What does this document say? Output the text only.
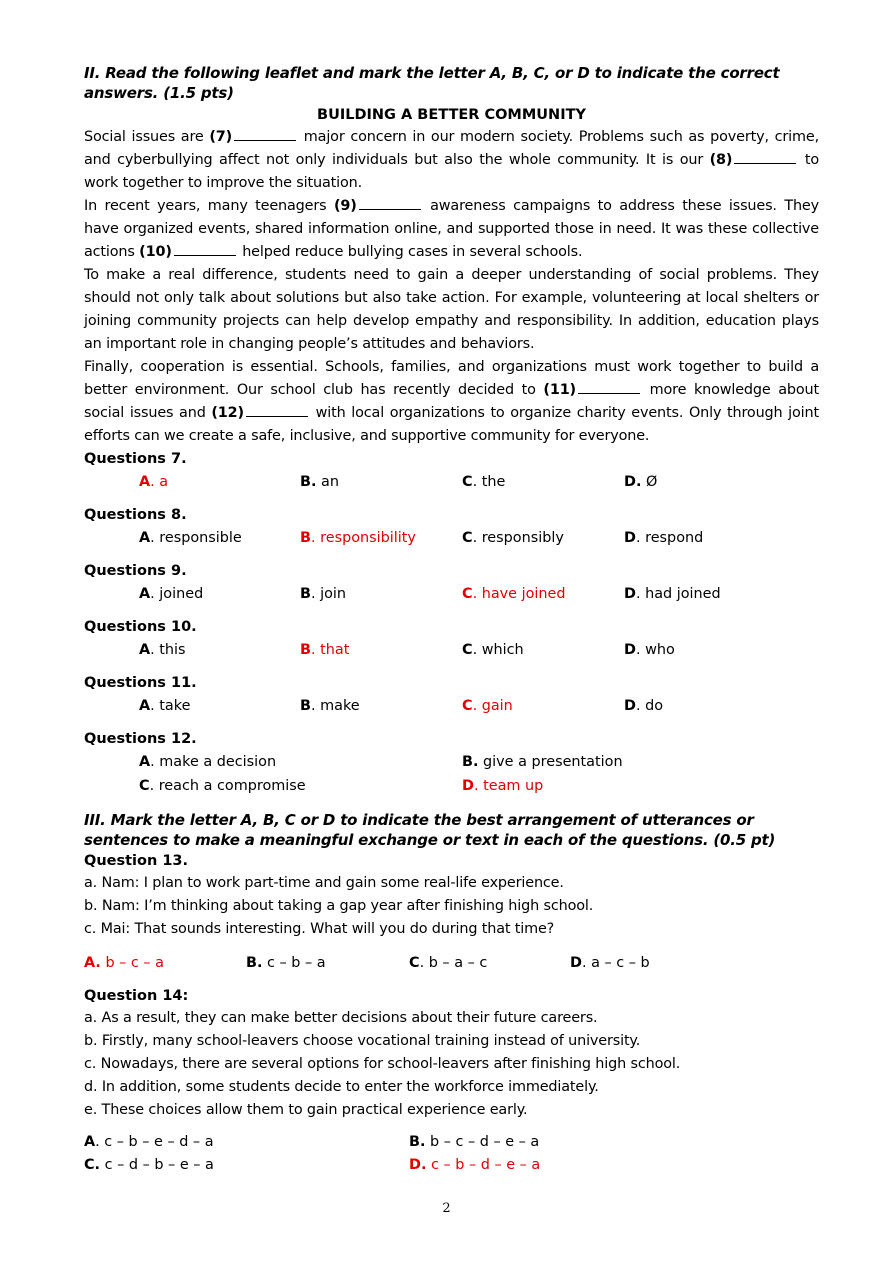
II. Read the following leaflet and mark the letter A, B, C, or D to indicate the correct answers. (1.5 pts)
BUILDING A BETTER COMMUNITY
Social issues are (7)	major concern in our modern society. Problems such as poverty, crime, and cyberbullying affect not only individuals but also the whole community. It is our (8)	to work together to improve the situation.
In recent years, many teenagers (9)	awareness campaigns to address these issues. They have organized events, shared information online, and supported those in need. It was these collective actions (10)	helped reduce bullying cases in several schools.
To make a real difference, students need to gain a deeper understanding of social problems. They should not only talk about solutions but also take action. For example, volunteering at local shelters or joining community projects can help develop empathy and responsibility. In addition, education plays an important role in changing people’s attitudes and behaviors.
Finally, cooperation is essential. Schools, families, and organizations must work together to build a better environment. Our school club has recently decided to (11)	more knowledge about social issues and (12)	with local organizations to organize charity events. Only through joint efforts can we create a safe, inclusive, and supportive community for everyone.
Questions 7.
A. a	B. an	C. the	D. Ø
Questions 8.
A. responsible	B. responsibility	C. responsibly	D. respond
Questions 9.
A. joined	B. join	C. have joined	D. had joined
Questions 10.
A. this	B. that	C. which	D. who
Questions 11.
A. take	B. make	C. gain	D. do
Questions 12.
A. make a decision	B. give a presentation
C. reach a compromise	D. team up
III. Mark the letter A, B, C or D to indicate the best arrangement of utterances or sentences to make a meaningful exchange or text in each of the questions. (0.5 pt)
Question 13.
a. Nam: I plan to work part-time and gain some real-life experience.
b. Nam: I’m thinking about taking a gap year after finishing high school.
c. Mai: That sounds interesting. What will you do during that time?
A. b – c – a	B. c – b – a	C. b – a – c	D. a – c – b
Question 14:
a. As a result, they can make better decisions about their future careers.
b. Firstly, many school-leavers choose vocational training instead of university.
c. Nowadays, there are several options for school-leavers after finishing high school.
d. In addition, some students decide to enter the workforce immediately.
e. These choices allow them to gain practical experience early.
A. c – b – e – d – a	B. b – c – d – e – a
C. c – d – b – e – a	D. c – b – d – e – a
2
